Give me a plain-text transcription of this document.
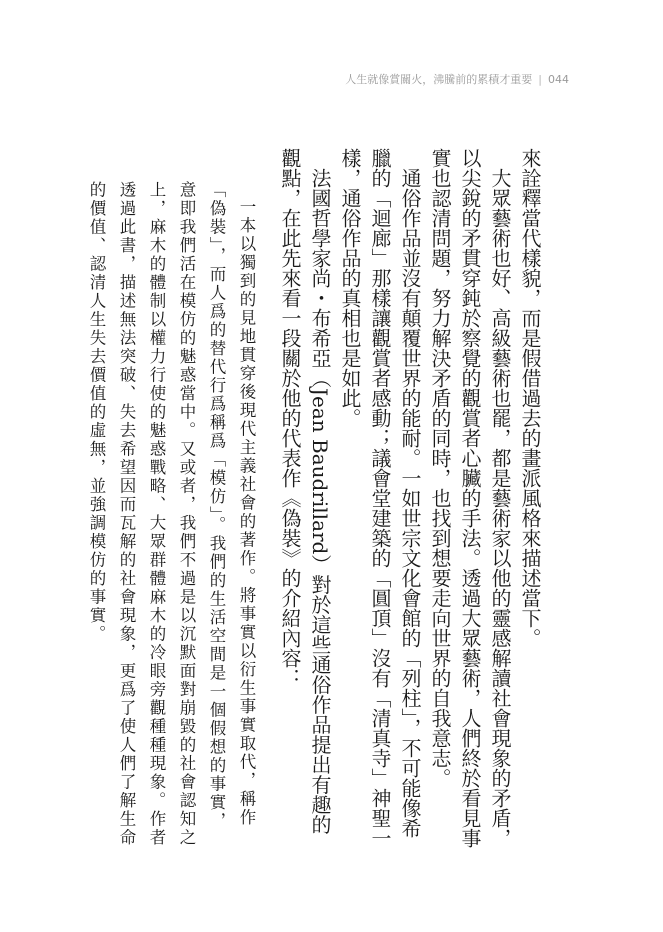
人生就像賞關火，沸騰前的累積才重要 | 044

來詮釋當代樣貌，而是假借過去的畫派風格來描述當下。

大眾藝術也好、高級藝術也罷，都是藝術家以他的靈感解讀社會現象的矛盾，以尖銳的矛貫穿鈍於察覺的觀賞者心臟的手法。透過大眾藝術，人們終於看見事實也認清問題，努力解決矛盾的同時，也找到想要走向世界的自我意志。

通俗作品並沒有顛覆世界的能耐。一如世宗文化會館的「列柱」，不可能像希臘的「迴廊」那樣讓觀賞者感動；議會堂建築的「圓頂」沒有「清真寺」神聖一樣，通俗作品的真相也是如此。

法國哲學家尚・布希亞（Jean Baudrillard）對於這些通俗作品提出有趣的觀點，在此先來看一段關於他的代表作《偽裝》的介紹內容：

一本以獨到的見地貫穿後現代主義社會的著作。將事實以衍生事實取代，稱作「偽裝」，而人爲的替代行爲稱爲「模仿」。我們的生活空間是一個假想的事實，意即我們活在模仿的魅惑當中。又或者，我們不過是以沉默面對崩毀的社會認知之上，麻木的體制以權力行使的魅惑戰略、大眾群體麻木的冷眼旁觀種種現象。作者透過此書，描述無法突破、失去希望因而瓦解的社會現象，更爲了使人們了解生命的價值、認清人生失去價值的虛無，並強調模仿的事實。
